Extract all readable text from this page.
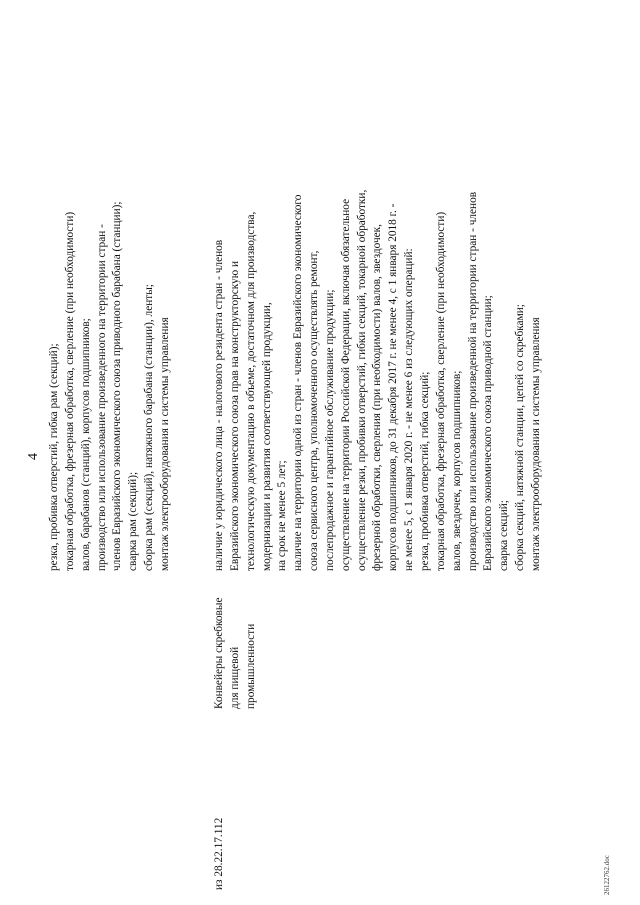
4 резка, пробивка отверстий, гибка рам (секций); токарная обработка, фрезерная обработка, сверление (при необходимости) валов, барабанов (станций), корпусов подшипников; производство или использование произведенного на территории стран - членов Евразийского экономического союза приводного барабана (станции); сварка рам (секций); сборка рам (секций), натяжного барабана (станции), ленты; монтаж электрооборудования и системы управления
из 28.22.17.112
Конвейеры скребковые для пищевой промышленности
наличие у юридического лица - налогового резидента стран - членов Евразийского экономического союза прав на конструкторскую и технологическую документацию в объеме, достаточном для производства, модернизации и развития соответствующей продукции, на срок не менее 5 лет; наличие на территории одной из стран - членов Евразийского экономического союза сервисного центра, уполномоченного осуществлять ремонт, послепродажное и гарантийное обслуживание продукции; осуществление на территории Российской Федерации, включая обязательное осуществление резки, пробивки отверстий, гибки секций, токарной обработки, фрезерной обработки, сверления (при необходимости) валов, звездочек, корпусов подшипников, до 31 декабря 2017 г. не менее 4, с 1 января 2018 г. - не менее 5, с 1 января 2020 г. - не менее 6 из следующих операций: резка, пробивка отверстий, гибка секций; токарная обработка, фрезерная обработка, сверление (при необходимости) валов, звездочек, корпусов подшипников; производство или использование произведенной на территории стран - членов Евразийского экономического союза приводной станции; сварка секций; сборка секций, натяжной станции, цепей со скребками; монтаж электрооборудования и системы управления
26122762.doc
